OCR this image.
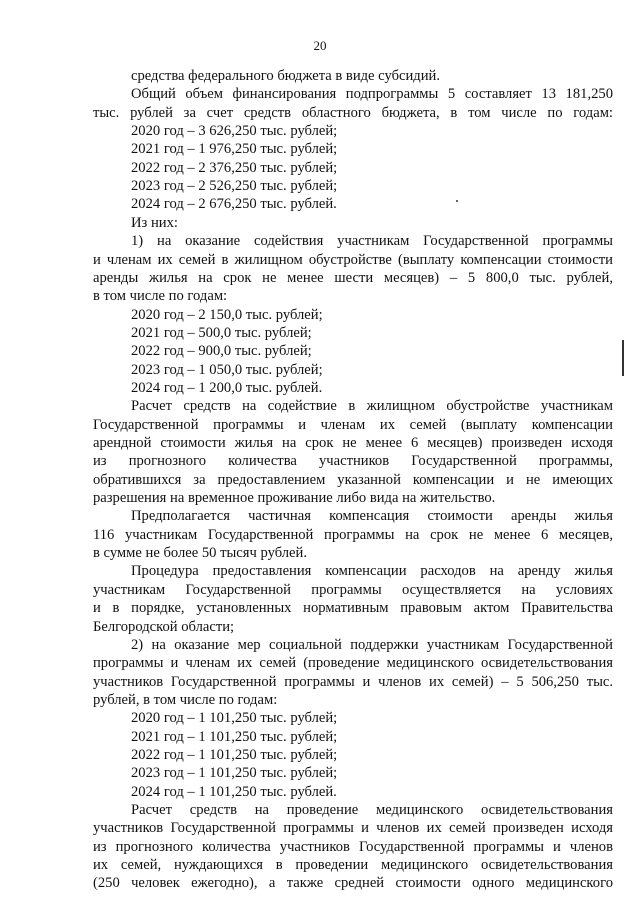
20
средства федерального бюджета в виде субсидий.
Общий объем финансирования подпрограммы 5 составляет 13 181,250
тыс. рублей за счет средств областного бюджета, в том числе по годам:
2020 год – 3 626,250 тыс. рублей;
2021 год – 1 976,250 тыс. рублей;
2022 год – 2 376,250 тыс. рублей;
2023 год – 2 526,250 тыс. рублей;
2024 год – 2 676,250 тыс. рублей.
Из них:
1) на оказание содействия участникам Государственной программы
и членам их семей в жилищном обустройстве (выплату компенсации стоимости
аренды жилья на срок не менее шести месяцев) – 5 800,0 тыс. рублей,
в том числе по годам:
2020 год – 2 150,0 тыс. рублей;
2021 год – 500,0 тыс. рублей;
2022 год – 900,0 тыс. рублей;
2023 год – 1 050,0 тыс. рублей;
2024 год – 1 200,0 тыс. рублей.
Расчет средств на содействие в жилищном обустройстве участникам
Государственной программы и членам их семей (выплату компенсации
арендной стоимости жилья на срок не менее 6 месяцев) произведен исходя
из прогнозного количества участников Государственной программы,
обратившихся за предоставлением указанной компенсации и не имеющих
разрешения на временное проживание либо вида на жительство.
Предполагается частичная компенсация стоимости аренды жилья
116 участникам Государственной программы на срок не менее 6 месяцев,
в сумме не более 50 тысяч рублей.
Процедура предоставления компенсации расходов на аренду жилья
участникам Государственной программы осуществляется на условиях
и в порядке, установленных нормативным правовым актом Правительства
Белгородской области;
2) на оказание мер социальной поддержки участникам Государственной
программы и членам их семей (проведение медицинского освидетельствования
участников Государственной программы и членов их семей) – 5 506,250 тыс.
рублей, в том числе по годам:
2020 год – 1 101,250 тыс. рублей;
2021 год – 1 101,250 тыс. рублей;
2022 год – 1 101,250 тыс. рублей;
2023 год – 1 101,250 тыс. рублей;
2024 год – 1 101,250 тыс. рублей.
Расчет средств на проведение медицинского освидетельствования
участников Государственной программы и членов их семей произведен исходя
из прогнозного количества участников Государственной программы и членов
их семей, нуждающихся в проведении медицинского освидетельствования
(250 человек ежегодно), а также средней стоимости одного медицинского
